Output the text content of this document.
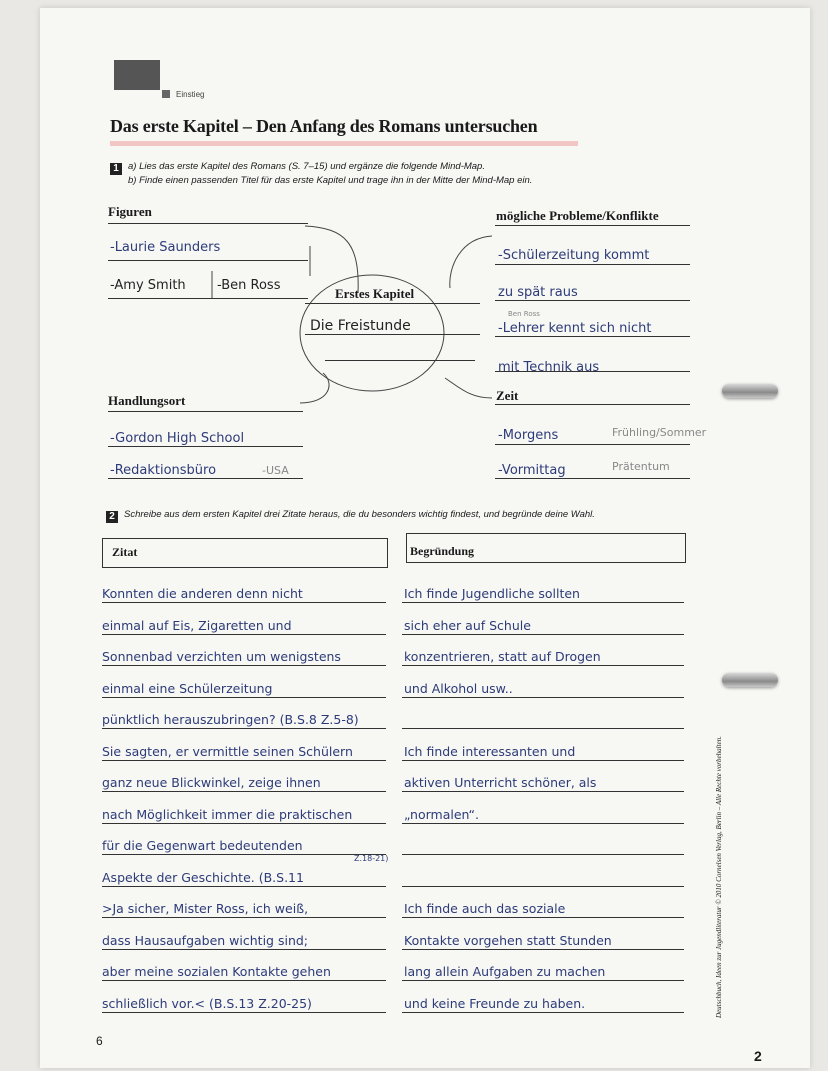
Einstieg
Das erste Kapitel – Den Anfang des Romans untersuchen
1 a) Lies das erste Kapitel des Romans (S. 7–15) und ergänze die folgende Mind-Map.
b) Finde einen passenden Titel für das erste Kapitel und trage ihn in der Mitte der Mind-Map ein.
Figuren
-Laurie Saunders
-Amy Smith -Ben Ross
Erstes Kapitel
Die Freistunde
mögliche Probleme/Konflikte
-Schülerzeitung kommt
zu spät raus
Ben Ross
-Lehrer kennt sich nicht
mit Technik aus
Handlungsort
-Gordon High School
-Redaktionsbüro	-USA
Zeit
-Morgens	Frühling/Sommer
-Vormittag	Prätentum
2 Schreibe aus dem ersten Kapitel drei Zitate heraus, die du besonders wichtig findest, und begründe deine Wahl.
Zitat	Begründung
Konnten die anderen denn nicht	Ich finde Jugendliche sollten
einmal auf Eis, Zigaretten und	sich eher auf Schule
Sonnenbad verzichten um wenigstens	konzentrieren, statt auf Drogen
einmal eine Schülerzeitung	und Alkohol usw..
pünktlich herauszubringen? (B.S.8 Z.5-8)
Sie sagten, er vermittle seinen Schülern	Ich finde interessanten und
ganz neue Blickwinkel, zeige ihnen	aktiven Unterricht schöner, als
nach Möglichkeit immer die praktischen	„normalen“.
für die Gegenwart bedeutenden
Aspekte der Geschichte. (B.S.11
>Ja sicher, Mister Ross, ich weiß,	Ich finde auch das soziale
dass Hausaufgaben wichtig sind;	Kontakte vorgehen statt Stunden
aber meine sozialen Kontakte gehen	lang allein Aufgaben zu machen
schließlich vor.< (B.S.13 Z.20-25)	und keine Freunde zu haben.
Z.18-21)
6
Deutschbuch, Ideen zur Jugendliteratur © 2010 Cornelsen Verlag, Berlin – Alle Rechte vorbehalten.
2
